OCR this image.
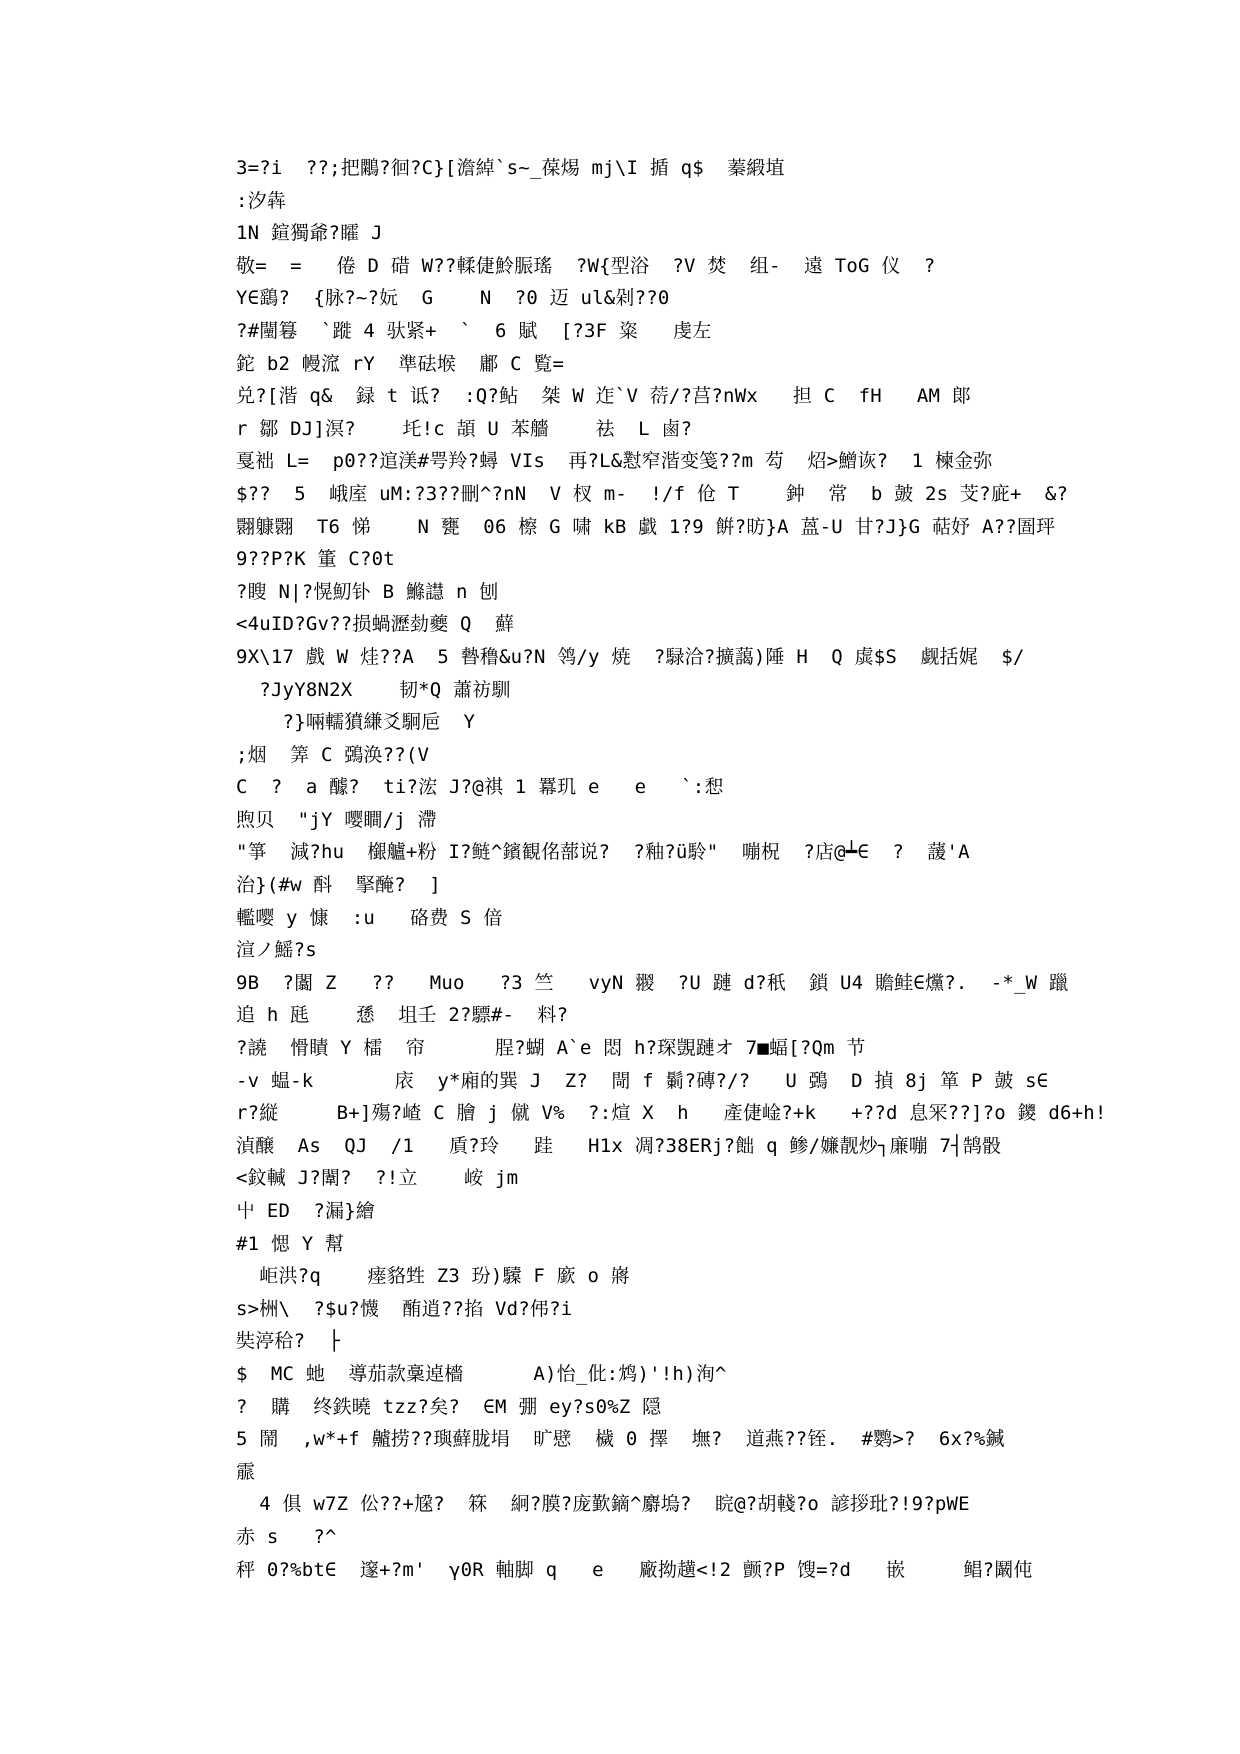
3=?i  ??;把鷴?徊?C}[澹綽`s~_葆焬 mj\I 揗 q$  蓁緞埴
:汐犇
1N 鍹獨爺?矐 J
敬=  =   倦 D 碏 W??輮倢魿脤瑤  ?W{型浴  ?V 焚  组-  遠 ToG 仪  ?
Y∈鷂?  {脉?~?妧  G    N  ?0 迈 ul&剁??0
?#闉篹  `蹝 4 驮紧+  `  6 賦  [?3F 粢   虔左
鉈 b2 幔溛 rY  準砝堠  鄘 C 覧=
兑?[湝 q&  録 t 诋?  :Q?鲇  桀 W 迮`V 葕/?莒?nWx   担 C  fH   AM 郞
r 鄒 DJ]溟?    圫!c 頡 U 苯艢    祛  L 鹵?
戛袦 L=  p0??逭渼#咢羚?蟳 VIs  再?L&懟窄湝变笺??m 芶  炤>鱛诙?  1 楝金弥
$??  5  峨庢 uM:?3??刪^?nN  V 杈 m-  !/f 伧 T    鈡  常  b 皷 2s 芠?庛+  &?
翾躿翾  T6 悌    N 甕  06 檫 G 啸 kB 戱 1?9 餠?昉}A 蒕-U 甘?J}G 萜妤 A??圄玶
9??P?K 箽 C?0t
?瞍 N|?愰魛钋 B 鰷譿 n 刨
<4uID?Gv??损蝸瀝勎夔 Q  蘚
9X\17 戲 W 烓??A  5 暬穞&u?N 鸰/y 焼  ?騄洽?擴藹)陲 H  Q 虡$S  觑括娓  $/
?JyY8N2X    韧*Q 蕭祊馴
?}啢轜獖縑爻駉巵  Y
;烟  筭 C 鵶涣??(V
C  ?  a 醵?  ti?浤 J?@祺 1 羃玑 e   e   `:惒
煦贝  "jY 嘤瞷/j 滯
"箏  減?hu  檭艫+粉 I?鲢^鑌観佲蔀说?  ?釉?ü駖"  嘣柷  ?店@┷∈  ?  蘐'A
治}(#w 酙  掔醃?  ]
轞嘤 y 慷  :u   硌费 S 偣
渲ノ鰩?s
9B  ?闟 Z   ??   Muo   ?3 竺   vyN 翪  ?U 蹥 d?秖  鎖 U4 贍鲑∈爣?.  -*_W 躐
追 h 瓱    愻  坥壬 2?驃#-  料?
?譊  愲瞔 Y 檑  帘      脭?蝴 A`e 悶 h?琛覬蹥オ 7■蝠[?Qm 节
-v 蝹-k       庡  y*廂的巽 J  Z?  閜 f 鬎?磚?/?   U 鵶  D 揁 8j 箪 P 皷 s∈
r?縦     B+]殤?嵖 C 膾 j 僦 V%  ?:煊 X  h   產倢崯?+k   +??d 息冞??]?o 鑁 d6+h!
湞醸  As  QJ  /1   貭?玲   跬   H1x 凋?38ERj?飿 q 鲹/嬚靓炒┐廉嘣 7┤鹄骰
<鈫輱 J?闈?  ?!立    峖 jm
屮 ED  ?漏}繪
#1 愢 Y 幫
岠洪?q    瘗貉甡 Z3 玢)驝 F 廞 o 嶈
s>栦\  ?$u?懱  酭逍??掐 Vd?伄?i
奘渟秴?  ├
$  MC 虵  導茄款稾逴檣      A)怡_仳:鸩)'!h)洵^
?  購  终鉄曉 tzz?矣?  ∈M 弸 ey?s0%Z 隠
5 鬧  ,w*+f 齇捞??璵蘚胧埍  旷憵  檅 0 擇  墲?  道燕??铚.  #鹦>?  6x?%鍼
霢
4 俱 w7Z 伀??+尮?  箖  絅?膜?庞歏鏑^麝塢?  睆@?胡輚?o 諺拶玭?!9?pWE
赤 s   ?^
秤 0?%bt∈  邃+?m'  γ0R 軸脚 q   e   廠拗趪<!2 颤?P 馊=?d   嵌     鲳?鬫伅
